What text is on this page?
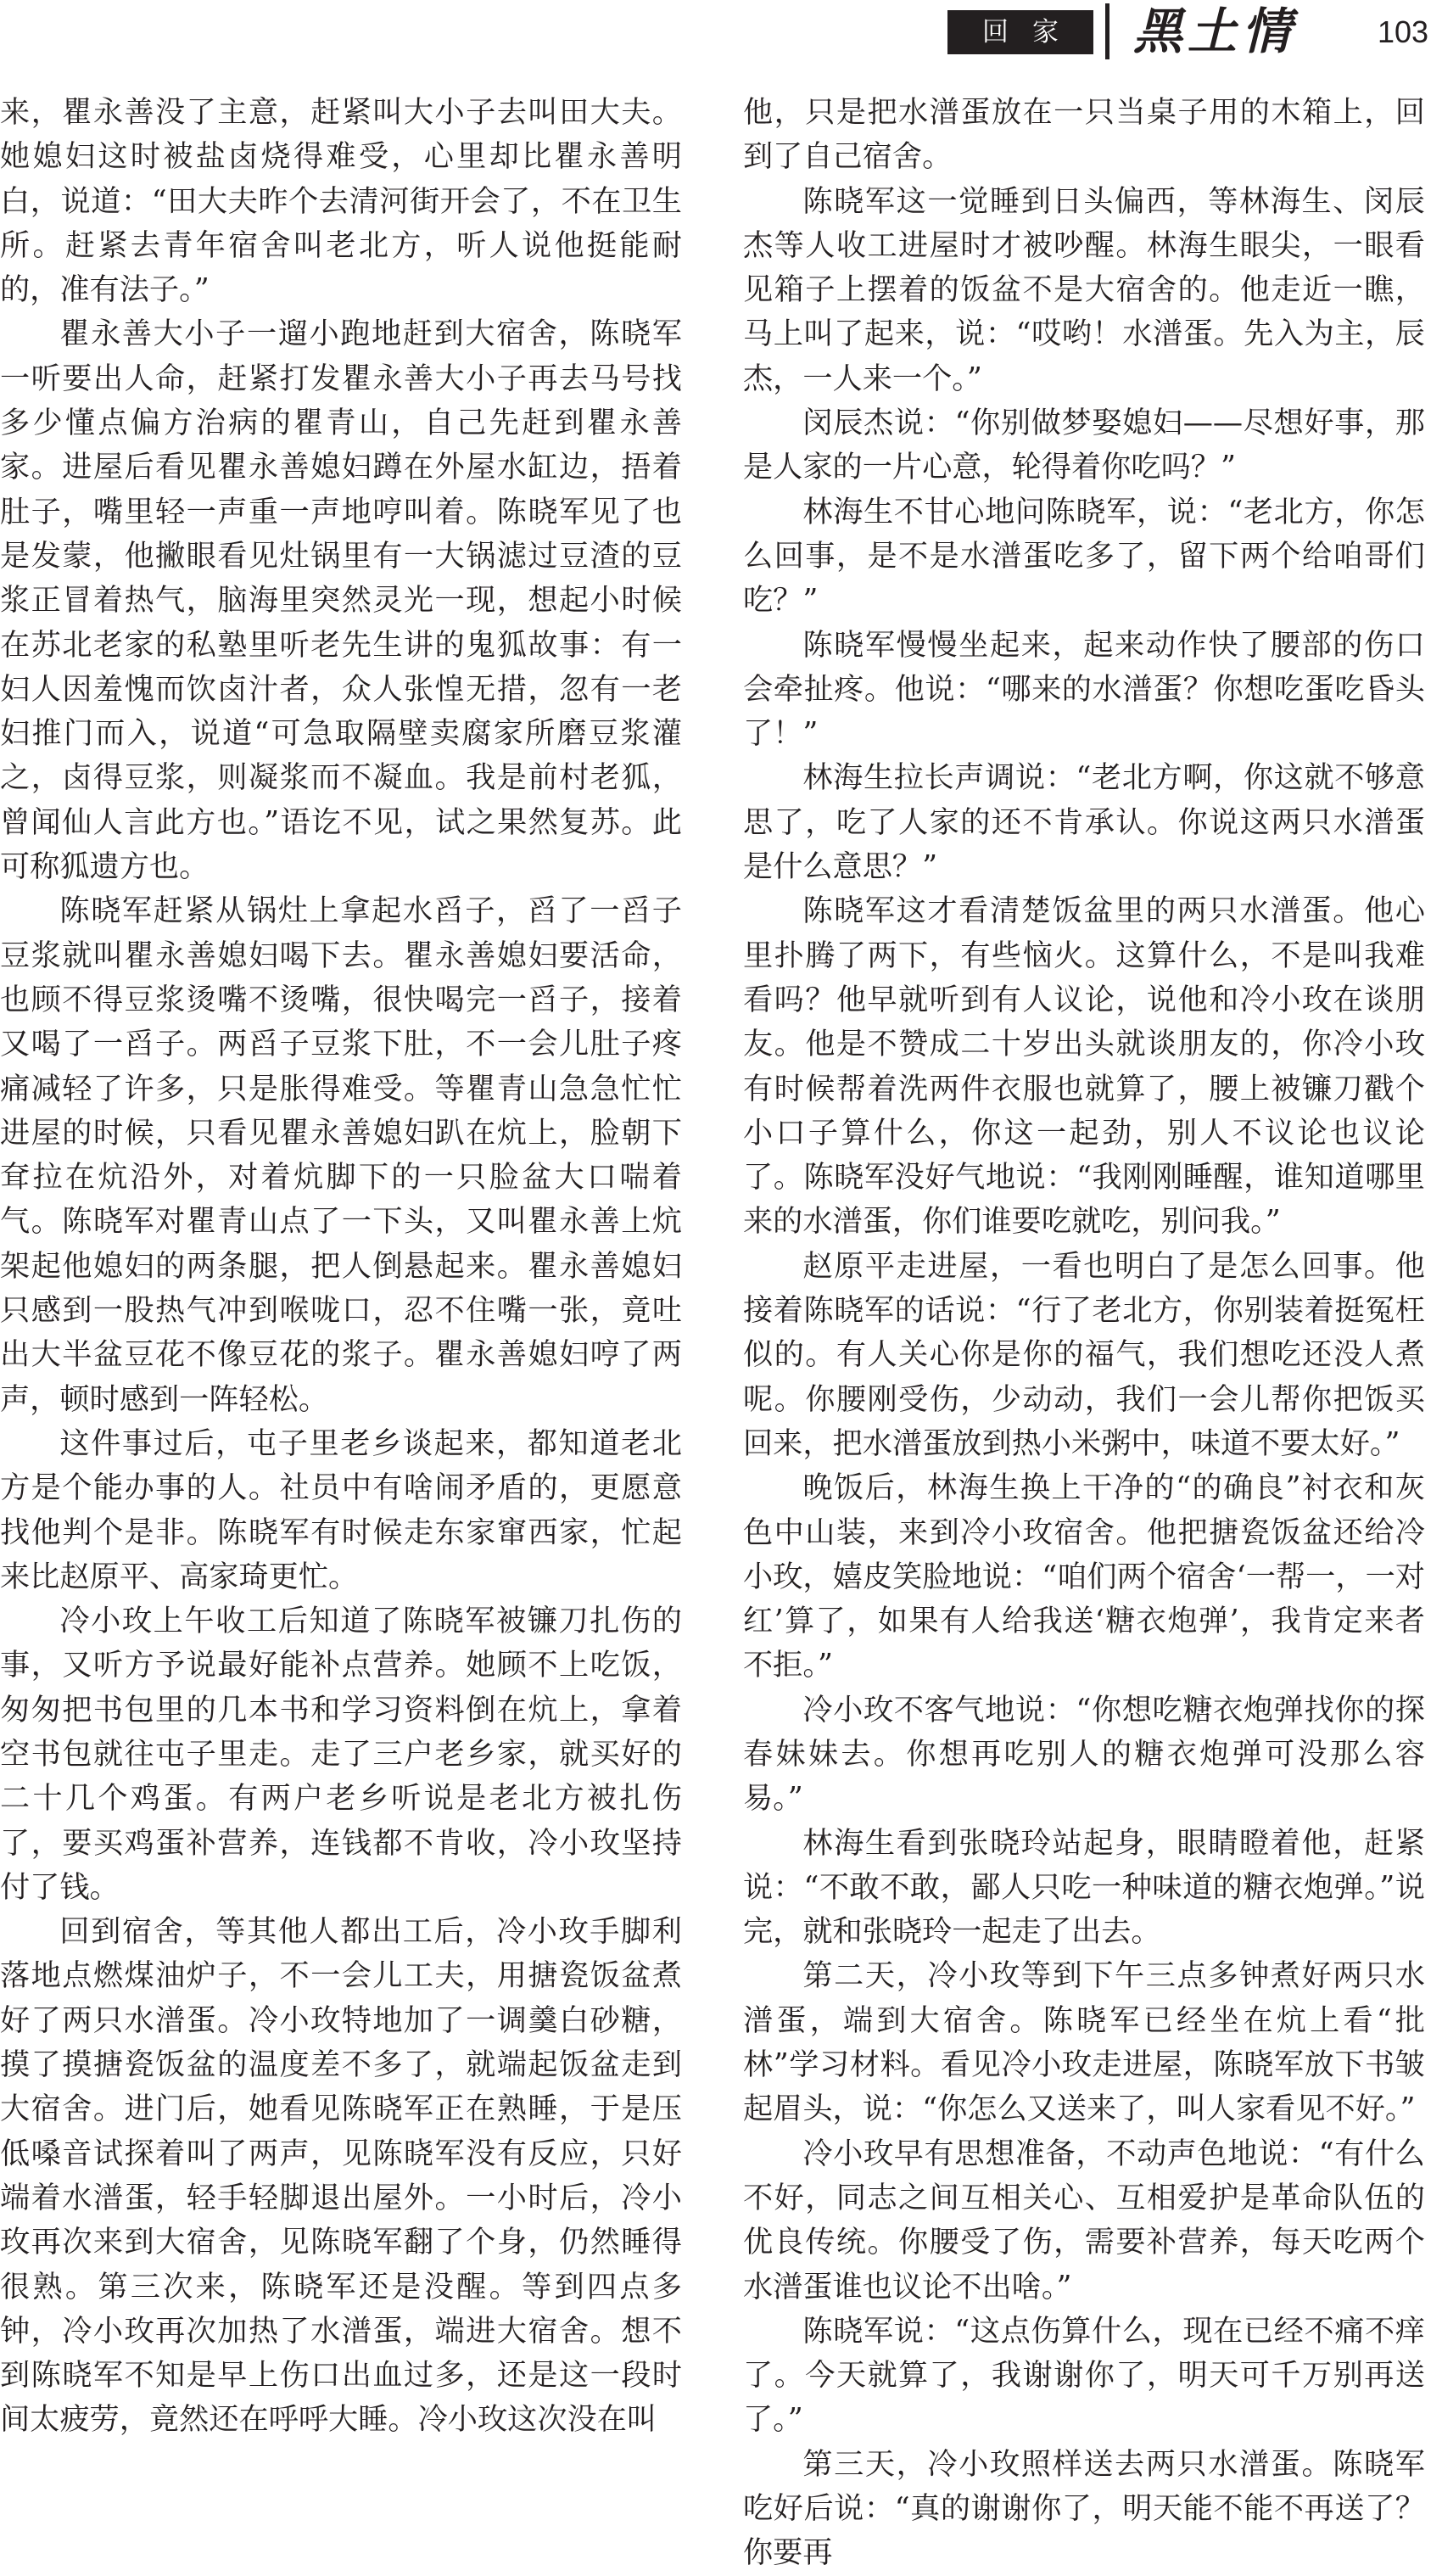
回家 黑土情	103

来，瞿永善没了主意，赶紧叫大小子去叫田大夫。她媳妇这时被盐卤烧得难受，心里却比瞿永善明白，说道：“田大夫昨个去清河街开会了，不在卫生所。赶紧去青年宿舍叫老北方，听人说他挺能耐的，准有法子。”

瞿永善大小子一遛小跑地赶到大宿舍，陈晓军一听要出人命，赶紧打发瞿永善大小子再去马号找多少懂点偏方治病的瞿青山，自己先赶到瞿永善家。进屋后看见瞿永善媳妇蹲在外屋水缸边，捂着肚子，嘴里轻一声重一声地哼叫着。陈晓军见了也是发蒙，他撇眼看见灶锅里有一大锅滤过豆渣的豆浆正冒着热气，脑海里突然灵光一现，想起小时候在苏北老家的私塾里听老先生讲的鬼狐故事：有一妇人因羞愧而饮卤汁者，众人张惶无措，忽有一老妇推门而入，说道“可急取隔壁卖腐家所磨豆浆灌之，卤得豆浆，则凝浆而不凝血。我是前村老狐，曾闻仙人言此方也。”语讫不见，试之果然复苏。此可称狐遗方也。

陈晓军赶紧从锅灶上拿起水舀子，舀了一舀子豆浆就叫瞿永善媳妇喝下去。瞿永善媳妇要活命，也顾不得豆浆烫嘴不烫嘴，很快喝完一舀子，接着又喝了一舀子。两舀子豆浆下肚，不一会儿肚子疼痛减轻了许多，只是胀得难受。等瞿青山急急忙忙进屋的时候，只看见瞿永善媳妇趴在炕上，脸朝下耷拉在炕沿外，对着炕脚下的一只脸盆大口喘着气。陈晓军对瞿青山点了一下头，又叫瞿永善上炕架起他媳妇的两条腿，把人倒悬起来。瞿永善媳妇只感到一股热气冲到喉咙口，忍不住嘴一张，竟吐出大半盆豆花不像豆花的浆子。瞿永善媳妇哼了两声，顿时感到一阵轻松。

这件事过后，屯子里老乡谈起来，都知道老北方是个能办事的人。社员中有啥闹矛盾的，更愿意找他判个是非。陈晓军有时候走东家窜西家，忙起来比赵原平、高家琦更忙。

冷小玫上午收工后知道了陈晓军被镰刀扎伤的事，又听方予说最好能补点营养。她顾不上吃饭，匆匆把书包里的几本书和学习资料倒在炕上，拿着空书包就往屯子里走。走了三户老乡家，就买好的二十几个鸡蛋。有两户老乡听说是老北方被扎伤了，要买鸡蛋补营养，连钱都不肯收，冷小玫坚持付了钱。

回到宿舍，等其他人都出工后，冷小玫手脚利落地点燃煤油炉子，不一会儿工夫，用搪瓷饭盆煮好了两只水潽蛋。冷小玫特地加了一调羹白砂糖，摸了摸搪瓷饭盆的温度差不多了，就端起饭盆走到大宿舍。进门后，她看见陈晓军正在熟睡，于是压低嗓音试探着叫了两声，见陈晓军没有反应，只好端着水潽蛋，轻手轻脚退出屋外。一小时后，冷小玫再次来到大宿舍，见陈晓军翻了个身，仍然睡得很熟。第三次来，陈晓军还是没醒。等到四点多钟，冷小玫再次加热了水潽蛋，端进大宿舍。想不到陈晓军不知是早上伤口出血过多，还是这一段时间太疲劳，竟然还在呼呼大睡。冷小玫这次没在叫

他，只是把水潽蛋放在一只当桌子用的木箱上，回到了自己宿舍。

陈晓军这一觉睡到日头偏西，等林海生、闵辰杰等人收工进屋时才被吵醒。林海生眼尖，一眼看见箱子上摆着的饭盆不是大宿舍的。他走近一瞧，马上叫了起来，说：“哎哟！水潽蛋。先入为主，辰杰，一人来一个。”

闵辰杰说：“你别做梦娶媳妇——尽想好事，那是人家的一片心意，轮得着你吃吗？”

林海生不甘心地问陈晓军，说：“老北方，你怎么回事，是不是水潽蛋吃多了，留下两个给咱哥们吃？”

陈晓军慢慢坐起来，起来动作快了腰部的伤口会牵扯疼。他说：“哪来的水潽蛋？你想吃蛋吃昏头了！”

林海生拉长声调说：“老北方啊，你这就不够意思了，吃了人家的还不肯承认。你说这两只水潽蛋是什么意思？”

陈晓军这才看清楚饭盆里的两只水潽蛋。他心里扑腾了两下，有些恼火。这算什么，不是叫我难看吗？他早就听到有人议论，说他和冷小玫在谈朋友。他是不赞成二十岁出头就谈朋友的，你冷小玫有时候帮着洗两件衣服也就算了，腰上被镰刀戳个小口子算什么，你这一起劲，别人不议论也议论了。陈晓军没好气地说：“我刚刚睡醒，谁知道哪里来的水潽蛋，你们谁要吃就吃，别问我。”

赵原平走进屋，一看也明白了是怎么回事。他接着陈晓军的话说：“行了老北方，你别装着挺冤枉似的。有人关心你是你的福气，我们想吃还没人煮呢。你腰刚受伤，少动动，我们一会儿帮你把饭买回来，把水潽蛋放到热小米粥中，味道不要太好。”

晚饭后，林海生换上干净的“的确良”衬衣和灰色中山装，来到冷小玫宿舍。他把搪瓷饭盆还给冷小玫，嬉皮笑脸地说：“咱们两个宿舍‘一帮一，一对红’算了，如果有人给我送‘糖衣炮弹’，我肯定来者不拒。”

冷小玫不客气地说：“你想吃糖衣炮弹找你的探春妹妹去。你想再吃别人的糖衣炮弹可没那么容易。”

林海生看到张晓玲站起身，眼睛瞪着他，赶紧说：“不敢不敢，鄙人只吃一种味道的糖衣炮弹。”说完，就和张晓玲一起走了出去。

第二天，冷小玫等到下午三点多钟煮好两只水潽蛋，端到大宿舍。陈晓军已经坐在炕上看“批林”学习材料。看见冷小玫走进屋，陈晓军放下书皱起眉头，说：“你怎么又送来了，叫人家看见不好。”

冷小玫早有思想准备，不动声色地说：“有什么不好，同志之间互相关心、互相爱护是革命队伍的优良传统。你腰受了伤，需要补营养，每天吃两个水潽蛋谁也议论不出啥。”

陈晓军说：“这点伤算什么，现在已经不痛不痒了。今天就算了，我谢谢你了，明天可千万别再送了。”

第三天，冷小玫照样送去两只水潽蛋。陈晓军吃好后说：“真的谢谢你了，明天能不能不再送了？你要再
